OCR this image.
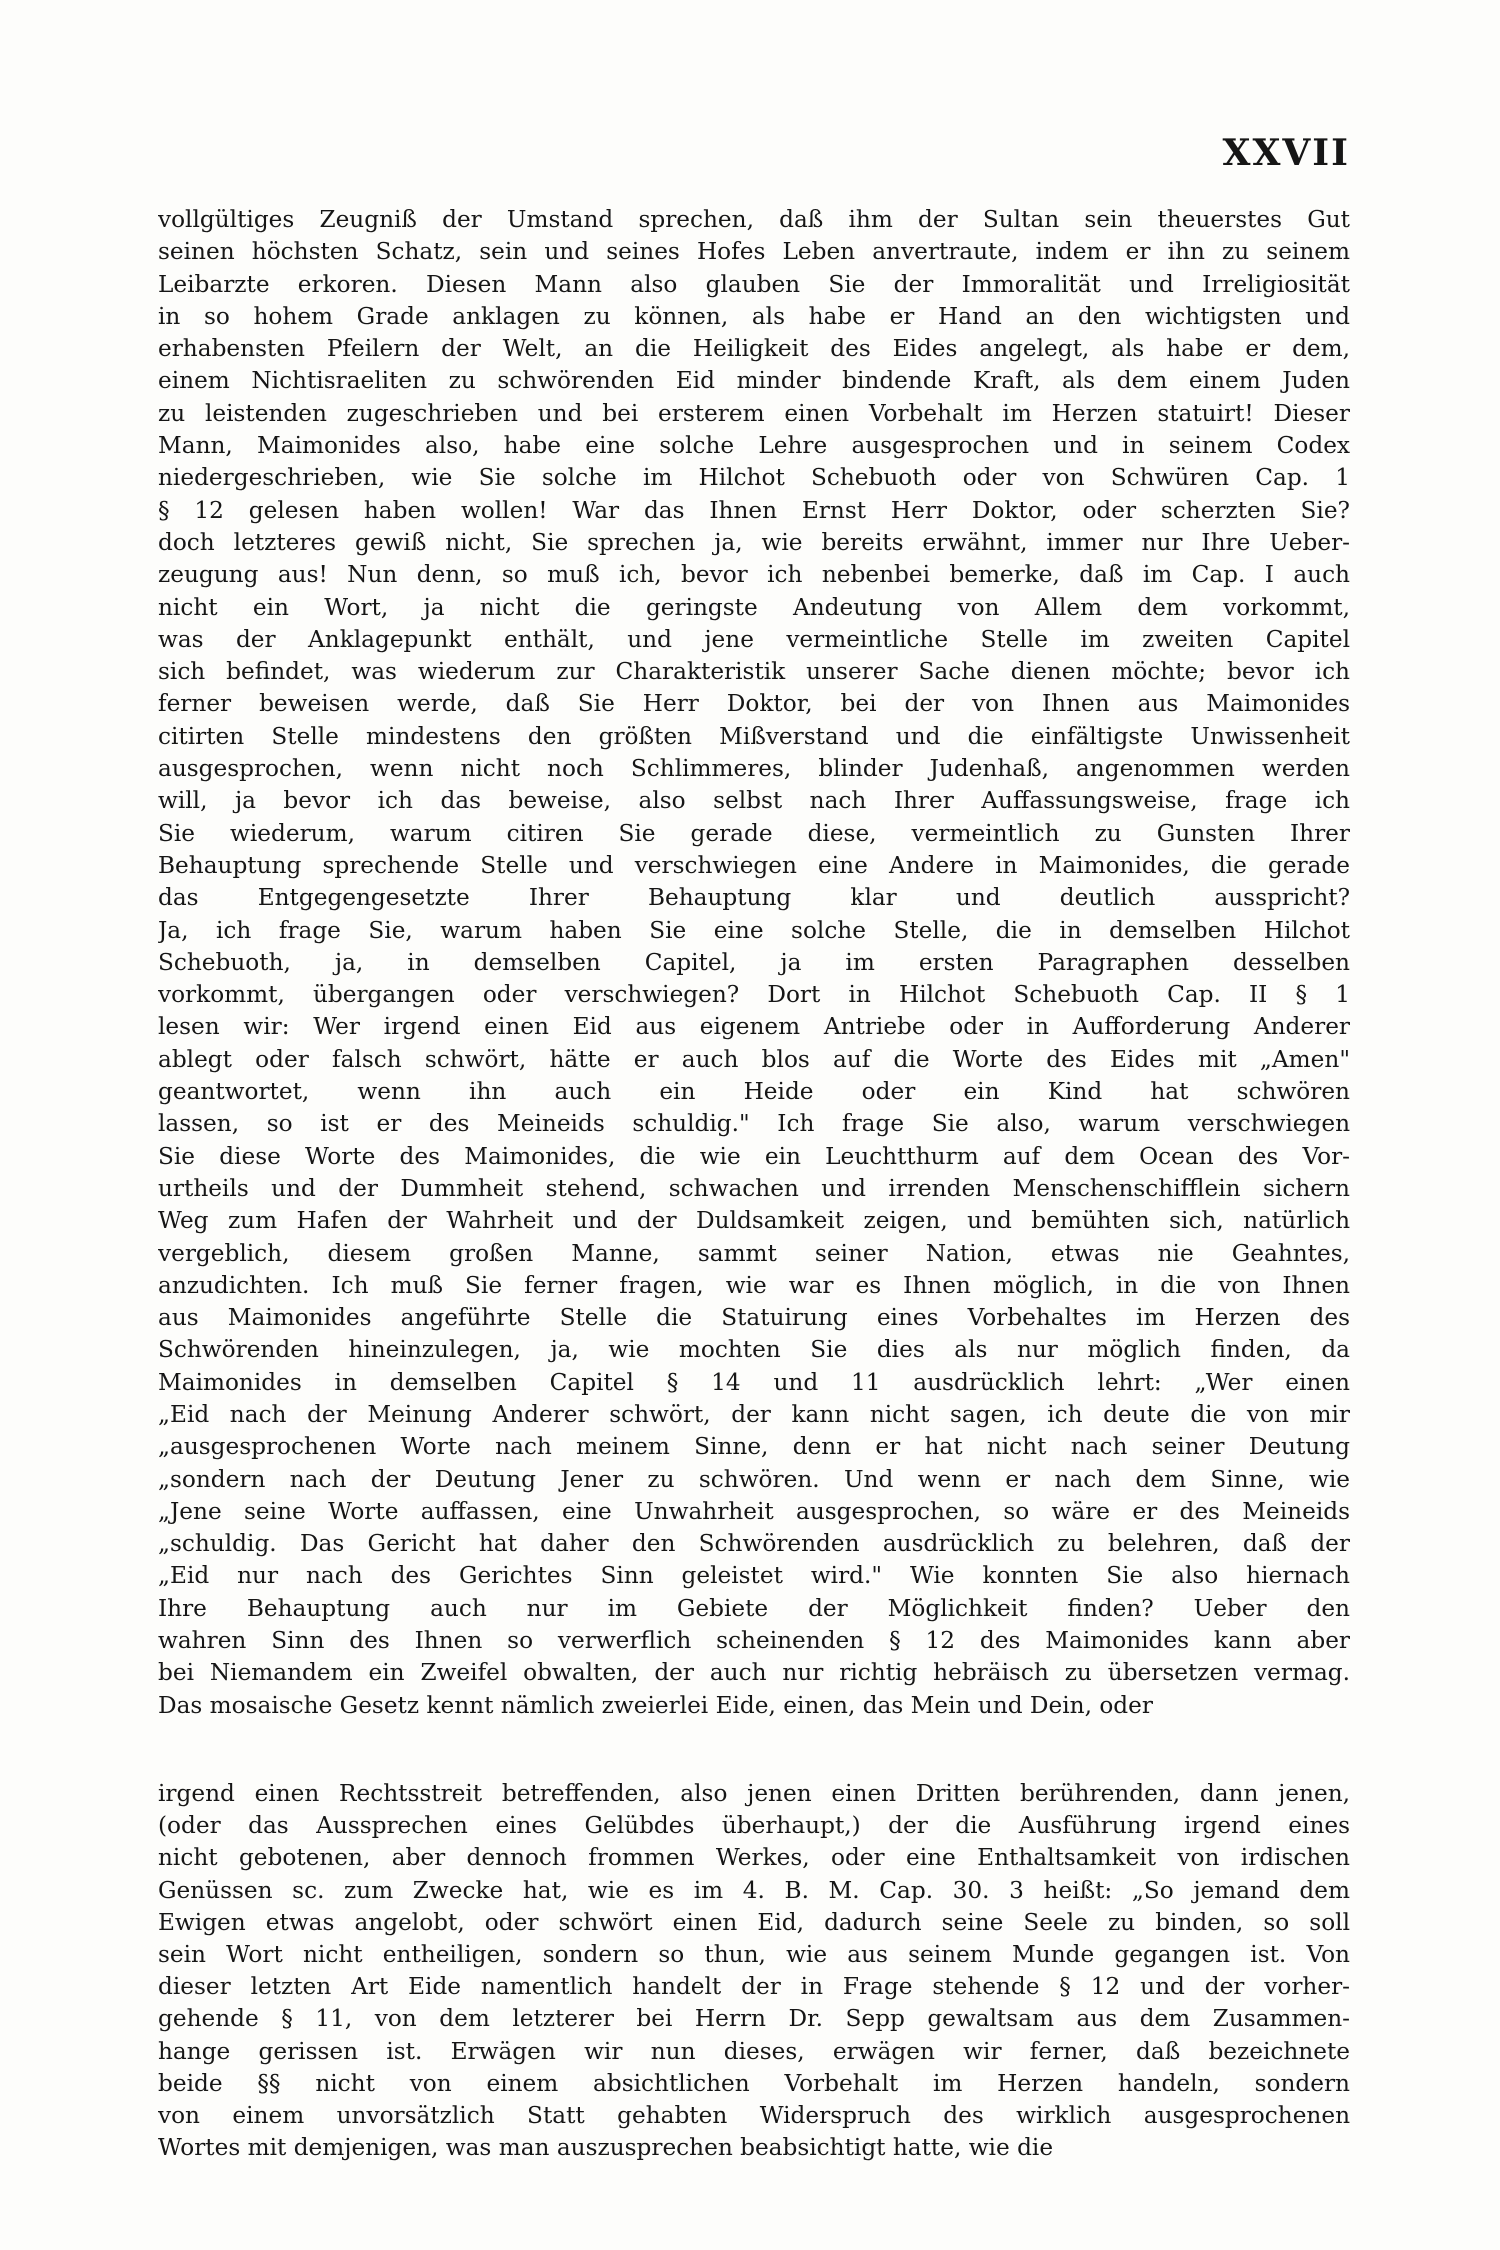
XXVII

vollgültiges Zeugniß der Umstand sprechen, daß ihm der Sultan sein theuerstes Gut

seinen höchsten Schatz, sein und seines Hofes Leben anvertraute, indem er ihn zu seinem

Leibarzte erkoren. Diesen Mann also glauben Sie der Immoralität und Irreligiosität

in so hohem Grade anklagen zu können, als habe er Hand an den wichtigsten und

erhabensten Pfeilern der Welt, an die Heiligkeit des Eides angelegt, als habe er dem,

einem Nichtisraeliten zu schwörenden Eid minder bindende Kraft, als dem einem Juden

zu leistenden zugeschrieben und bei ersterem einen Vorbehalt im Herzen statuirt! Dieser

Mann, Maimonides also, habe eine solche Lehre ausgesprochen und in seinem Codex

niedergeschrieben, wie Sie solche im Hilchot Schebuoth oder von Schwüren Cap. 1

§ 12 gelesen haben wollen! War das Ihnen Ernst Herr Doktor, oder scherzten Sie?

doch letzteres gewiß nicht, Sie sprechen ja, wie bereits erwähnt, immer nur Ihre Ueber-

zeugung aus! Nun denn, so muß ich, bevor ich nebenbei bemerke, daß im Cap. I auch

nicht ein Wort, ja nicht die geringste Andeutung von Allem dem vorkommt,

was der Anklagepunkt enthält, und jene vermeintliche Stelle im zweiten Capitel

sich befindet, was wiederum zur Charakteristik unserer Sache dienen möchte; bevor ich

ferner beweisen werde, daß Sie Herr Doktor, bei der von Ihnen aus Maimonides

citirten Stelle mindestens den größten Mißverstand und die einfältigste Unwissenheit

ausgesprochen, wenn nicht noch Schlimmeres, blinder Judenhaß, angenommen werden

will, ja bevor ich das beweise, also selbst nach Ihrer Auffassungsweise, frage ich

Sie wiederum, warum citiren Sie gerade diese, vermeintlich zu Gunsten Ihrer

Behauptung sprechende Stelle und verschwiegen eine Andere in Maimonides, die gerade

das Entgegengesetzte Ihrer Behauptung klar und deutlich ausspricht?

Ja, ich frage Sie, warum haben Sie eine solche Stelle, die in demselben Hilchot

Schebuoth, ja, in demselben Capitel, ja im ersten Paragraphen desselben

vorkommt, übergangen oder verschwiegen? Dort in Hilchot Schebuoth Cap. II § 1

lesen wir: Wer irgend einen Eid aus eigenem Antriebe oder in Aufforderung Anderer

ablegt oder falsch schwört, hätte er auch blos auf die Worte des Eides mit „Amen"

geantwortet, wenn ihn auch ein Heide oder ein Kind hat schwören

lassen, so ist er des Meineids schuldig." Ich frage Sie also, warum verschwiegen

Sie diese Worte des Maimonides, die wie ein Leuchtthurm auf dem Ocean des Vor-

urtheils und der Dummheit stehend, schwachen und irrenden Menschenschifflein sichern

Weg zum Hafen der Wahrheit und der Duldsamkeit zeigen, und bemühten sich, natürlich

vergeblich, diesem großen Manne, sammt seiner Nation, etwas nie Geahntes,

anzudichten. Ich muß Sie ferner fragen, wie war es Ihnen möglich, in die von Ihnen

aus Maimonides angeführte Stelle die Statuirung eines Vorbehaltes im Herzen des

Schwörenden hineinzulegen, ja, wie mochten Sie dies als nur möglich finden, da

Maimonides in demselben Capitel § 14 und 11 ausdrücklich lehrt: „Wer einen

„Eid nach der Meinung Anderer schwört, der kann nicht sagen, ich deute die von mir

„ausgesprochenen Worte nach meinem Sinne, denn er hat nicht nach seiner Deutung

„sondern nach der Deutung Jener zu schwören. Und wenn er nach dem Sinne, wie

„Jene seine Worte auffassen, eine Unwahrheit ausgesprochen, so wäre er des Meineids

„schuldig. Das Gericht hat daher den Schwörenden ausdrücklich zu belehren, daß der

„Eid nur nach des Gerichtes Sinn geleistet wird." Wie konnten Sie also hiernach

Ihre Behauptung auch nur im Gebiete der Möglichkeit finden? Ueber den

wahren Sinn des Ihnen so verwerflich scheinenden § 12 des Maimonides kann aber

bei Niemandem ein Zweifel obwalten, der auch nur richtig hebräisch zu übersetzen vermag.

Das mosaische Gesetz kennt nämlich zweierlei Eide, einen, das Mein und Dein, oder

irgend einen Rechtsstreit betreffenden, also jenen einen Dritten berührenden, dann jenen,

(oder das Aussprechen eines Gelübdes überhaupt,) der die Ausführung irgend eines

nicht gebotenen, aber dennoch frommen Werkes, oder eine Enthaltsamkeit von irdischen

Genüssen sc. zum Zwecke hat, wie es im 4. B. M. Cap. 30. 3 heißt: „So jemand dem

Ewigen etwas angelobt, oder schwört einen Eid, dadurch seine Seele zu binden, so soll

sein Wort nicht entheiligen, sondern so thun, wie aus seinem Munde gegangen ist. Von

dieser letzten Art Eide namentlich handelt der in Frage stehende § 12 und der vorher-

gehende § 11, von dem letzterer bei Herrn Dr. Sepp gewaltsam aus dem Zusammen-

hange gerissen ist. Erwägen wir nun dieses, erwägen wir ferner, daß bezeichnete

beide §§ nicht von einem absichtlichen Vorbehalt im Herzen handeln, sondern

von einem unvorsätzlich Statt gehabten Widerspruch des wirklich ausgesprochenen

Wortes mit demjenigen, was man auszusprechen beabsichtigt hatte, wie die
